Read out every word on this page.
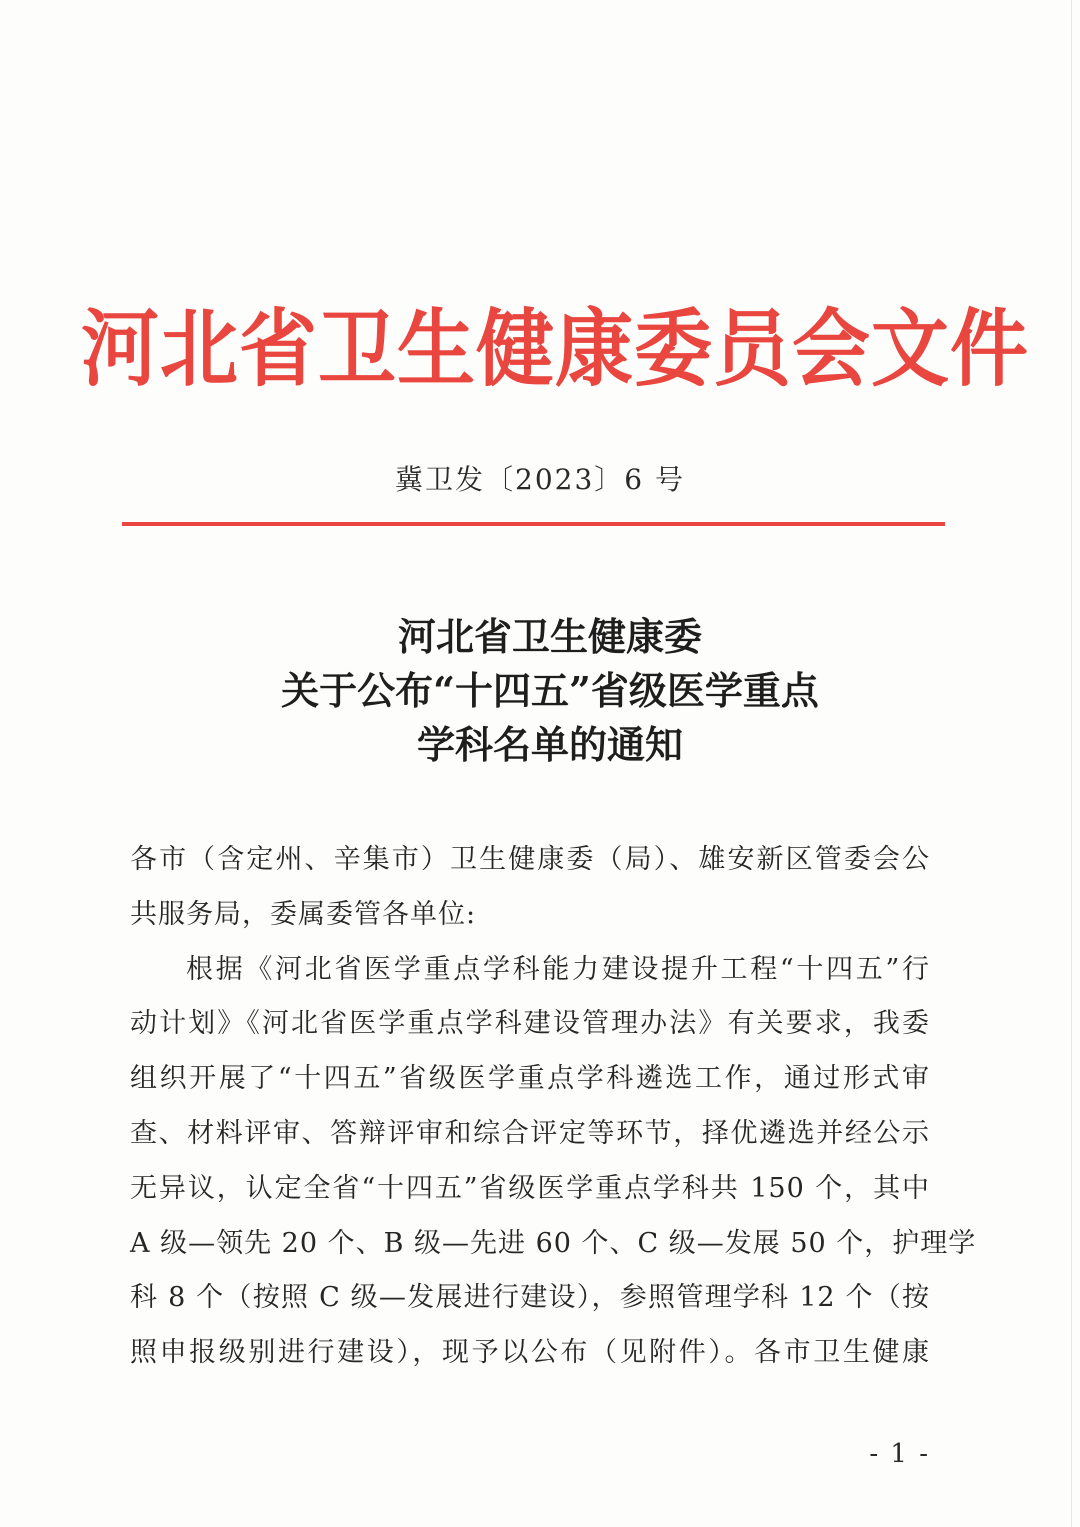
河北省卫生健康委员会文件
冀卫发〔2023〕6 号
河北省卫生健康委
关于公布“十四五”省级医学重点
学科名单的通知
各市（含定州、辛集市）卫生健康委（局）、雄安新区管委会公
共服务局，委属委管各单位:
根据《河北省医学重点学科能力建设提升工程“十四五”行
动计划》《河北省医学重点学科建设管理办法》有关要求，我委
组织开展了“十四五”省级医学重点学科遴选工作，通过形式审
查、材料评审、答辩评审和综合评定等环节，择优遴选并经公示
无异议，认定全省“十四五”省级医学重点学科共 150 个，其中
A 级—领先 20 个、B 级—先进 60 个、C 级—发展 50 个，护理学
科 8 个（按照 C 级—发展进行建设），参照管理学科 12 个（按
照申报级别进行建设），现予以公布（见附件）。各市卫生健康
- 1 -
